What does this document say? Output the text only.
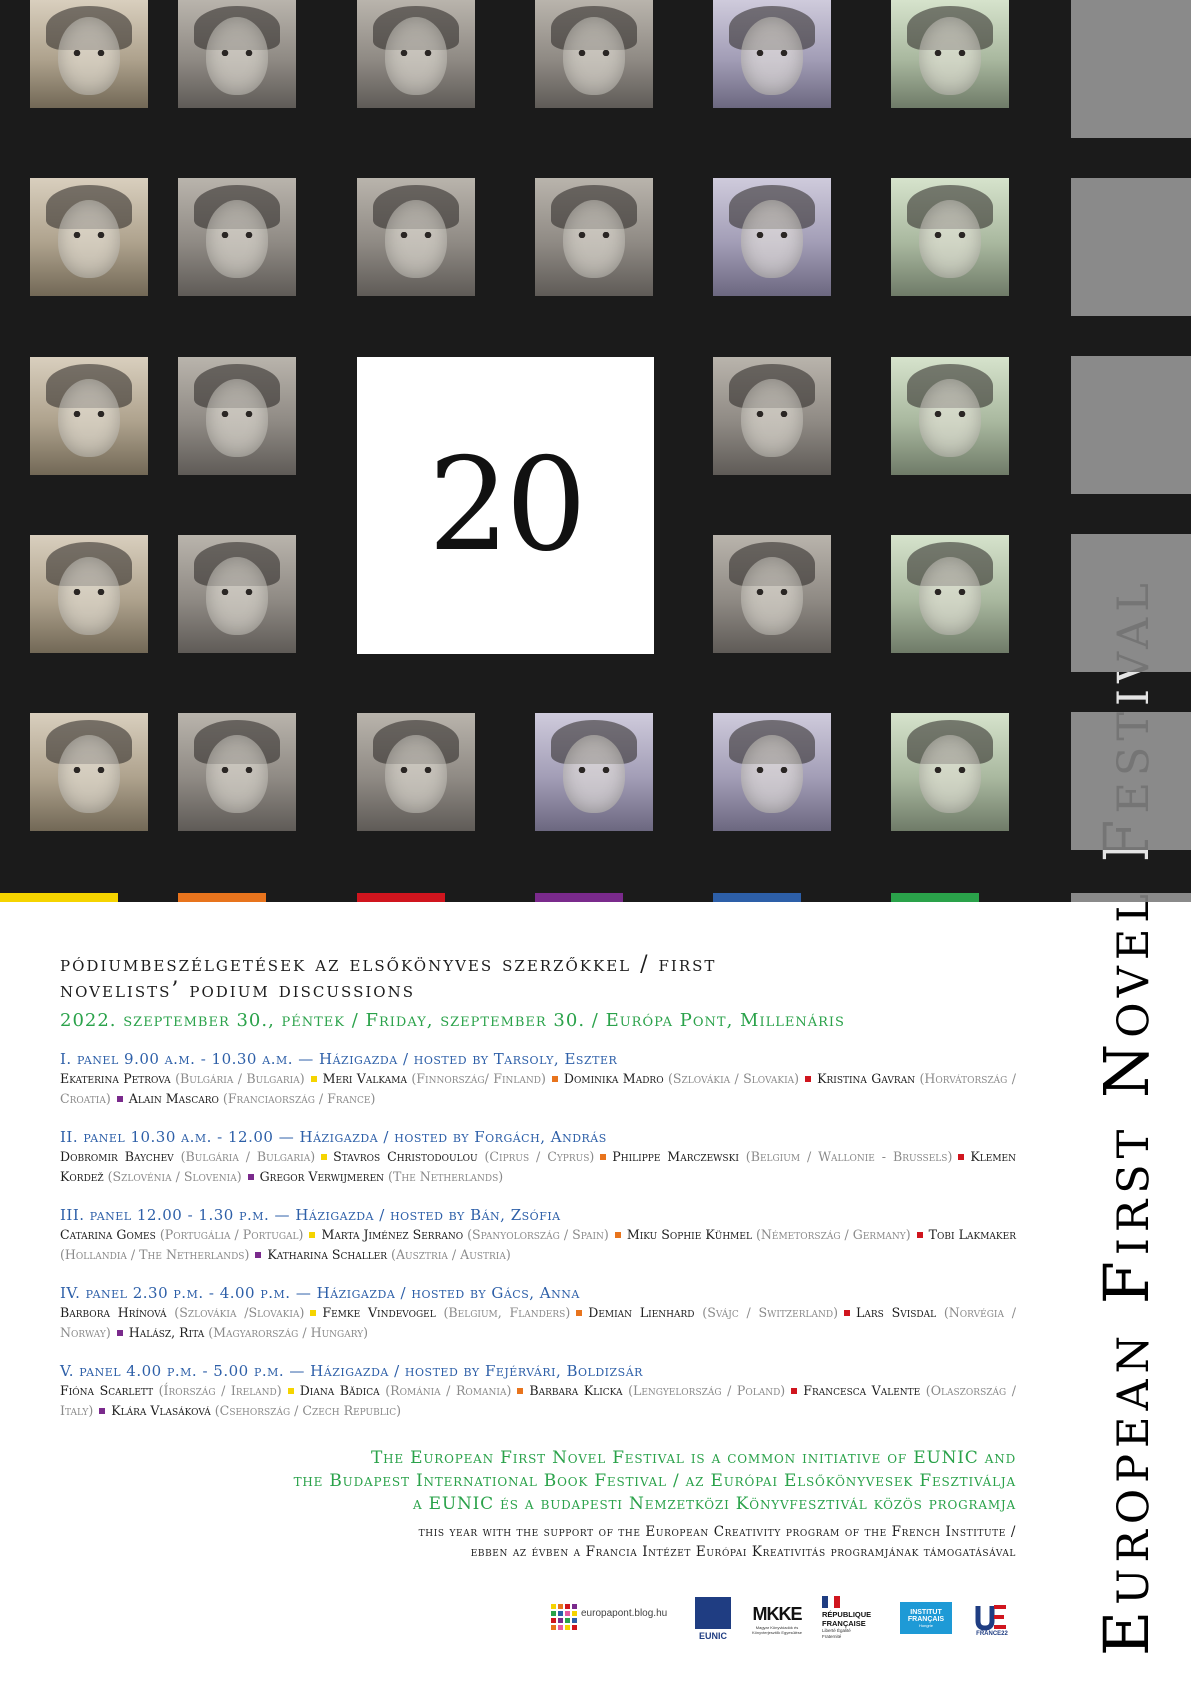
20
European First Novel Festival

pódiumbeszélgetések az elsőkönyves szerzőkkel / first

novelists’ podium discussions

2022. szeptember 30., péntek / Friday, szeptember 30. / Európa Pont, Millenáris
I. panel 9.00 a.m. - 10.30 a.m. — Házigazda / hosted by Tarsoly, Eszter
Ekaterina Petrova (Bulgária / Bulgaria) Meri Valkama (Finnország/ Finland) Dominika Madro (Szlovákia / Slovakia) Kristina Gavran (Horvátország / Croatia) Alain Mascaro (Franciaország / France)
II. panel 10.30 a.m. - 12.00 — Házigazda / hosted by Forgách, András
Dobromir Baychev (Bulgária / Bulgaria) Stavros Christodoulou (Ciprus / Cyprus) Philippe Marczewski (Belgium / Wallonie - Brussels) Klemen Kordež (Szlovénia / Slovenia) Gregor Verwijmeren (The Netherlands)
III. panel 12.00 - 1.30 p.m. — Házigazda / hosted by Bán, Zsófia
Catarina Gomes (Portugália / Portugal) Marta Jiménez Serrano (Spanyolország / Spain) Miku Sophie Kühmel (Németország / Germany) Tobi Lakmaker (Hollandia / The Netherlands) Katharina Schaller (Ausztria / Austria)
IV. panel 2.30 p.m. - 4.00 p.m. — Házigazda / hosted by Gács, Anna
Barbora Hrínová (Szlovákia /Slovakia) Femke Vindevogel (Belgium, Flanders) Demian Lienhard (Svájc / Switzerland) Lars Svisdal (Norvégia / Norway) Halász, Rita (Magyarország / Hungary)
V. panel 4.00 p.m. - 5.00 p.m. — Házigazda / hosted by Fejérvári, Boldizsár
Fióna Scarlett (Írország / Ireland) Diana Bădica (Románia / Romania) Barbara Klicka (Lengyelország / Poland) Francesca Valente (Olaszország / Italy) Klára Vlasáková (Csehország / Czech Republic)
The European First Novel Festival is a common initiative of EUNIC and
the Budapest International Book Festival / az Európai Elsőkönyvesek Fesztiválja
a EUNIC és a budapesti Nemzetközi Könyvfesztivál közös programja
this year with the support of the European Creativity program of the French Institute /
ebben az évben a Francia Intézet Európai Kreativitás programjának támogatásával
europapont.blog.hu
EUNIC
MKKE
Magyar Könyvkiadók és Könyvterjesztők Egyesülése
RÉPUBLIQUE
FRANÇAISE
Liberté Égalité Fraternité
INSTITUT
FRANÇAIS
Hongrie
FRANCE22
